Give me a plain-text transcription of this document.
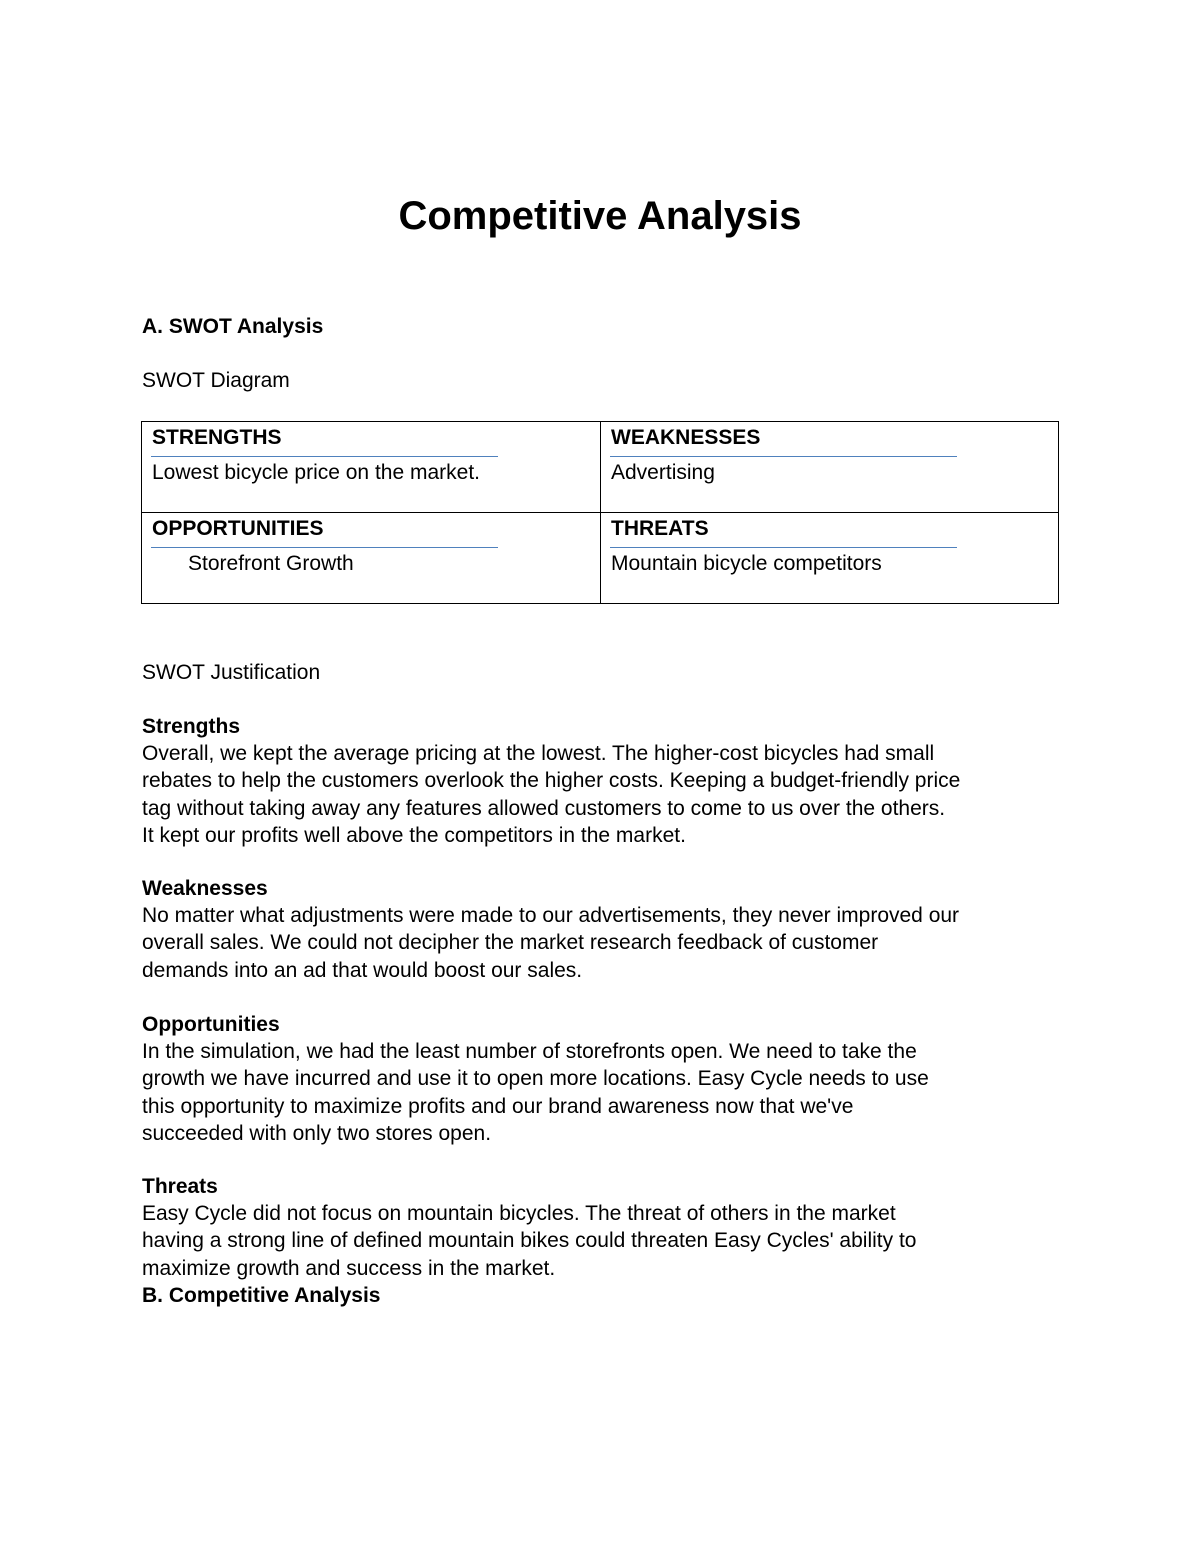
Competitive Analysis
A. SWOT Analysis

SWOT Diagram

STRENGTHS

Lowest bicycle price on the market.

WEAKNESSES

Advertising

OPPORTUNITIES

Storefront Growth

THREATS

Mountain bicycle competitors

SWOT Justification

Strengths
Overall, we kept the average pricing at the lowest. The higher-cost bicycles had small
rebates to help the customers overlook the higher costs. Keeping a budget-friendly price
tag without taking away any features allowed customers to come to us over the others.
It kept our profits well above the competitors in the market.
Weaknesses
No matter what adjustments were made to our advertisements, they never improved our
overall sales. We could not decipher the market research feedback of customer
demands into an ad that would boost our sales.
Opportunities
In the simulation, we had the least number of storefronts open. We need to take the
growth we have incurred and use it to open more locations. Easy Cycle needs to use
this opportunity to maximize profits and our brand awareness now that we've
succeeded with only two stores open.
Threats
Easy Cycle did not focus on mountain bicycles. The threat of others in the market
having a strong line of defined mountain bikes could threaten Easy Cycles' ability to
maximize growth and success in the market.
B. Competitive Analysis
